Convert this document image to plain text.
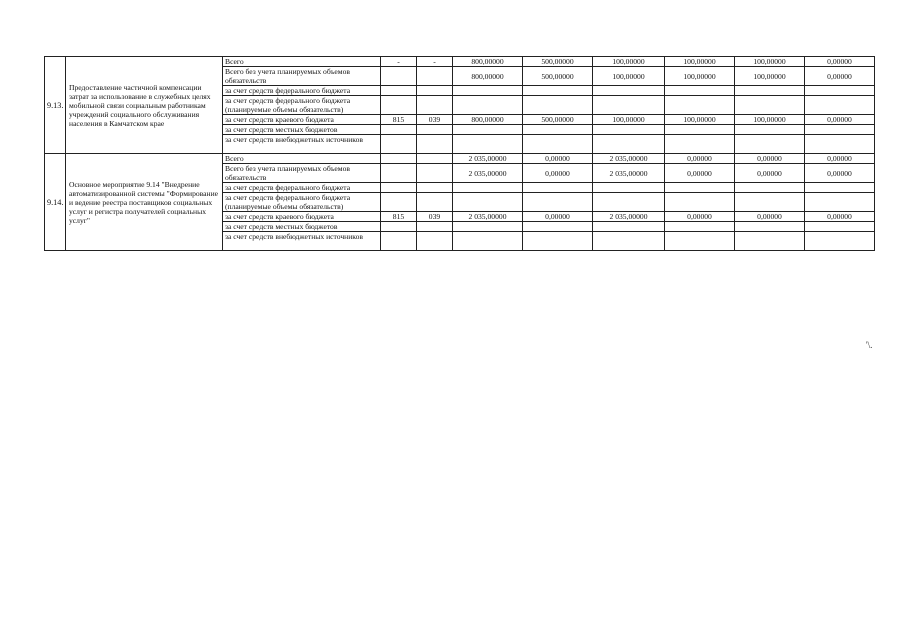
9.13.	Предоставление частичной компенсации затрат за использование в служебных целях мобильной связи социальным работникам учреждений социального обслуживания населения в Камчатском крае	Всего	-	-	800,00000	500,00000	100,00000	100,00000	100,00000	0,00000
		Всего без учета планируемых объемов обязательств			800,00000	500,00000	100,00000	100,00000	100,00000	0,00000
		за счет средств федерального бюджета								
		за счет средств федерального бюджета (планируемые объемы обязательств)								
		за счет средств краевого бюджета	815	039	800,00000	500,00000	100,00000	100,00000	100,00000	0,00000
		за счет средств местных бюджетов								
		за счет средств внебюджетных источников								
9.14.	Основное мероприятие 9.14 "Внедрение автоматизированной системы "Формирование и ведение реестра поставщиков социальных услуг и регистра получателей социальных услуг"	Всего			2 035,00000	0,00000	2 035,00000	0,00000	0,00000	0,00000
		Всего без учета планируемых объемов обязательств			2 035,00000	0,00000	2 035,00000	0,00000	0,00000	0,00000
		за счет средств федерального бюджета								
		за счет средств федерального бюджета (планируемые объемы обязательств)								
		за счет средств краевого бюджета	815	039	2 035,00000	0,00000	2 035,00000	0,00000	0,00000	0,00000
		за счет средств местных бюджетов								
		за счет средств внебюджетных источников								
'\.
